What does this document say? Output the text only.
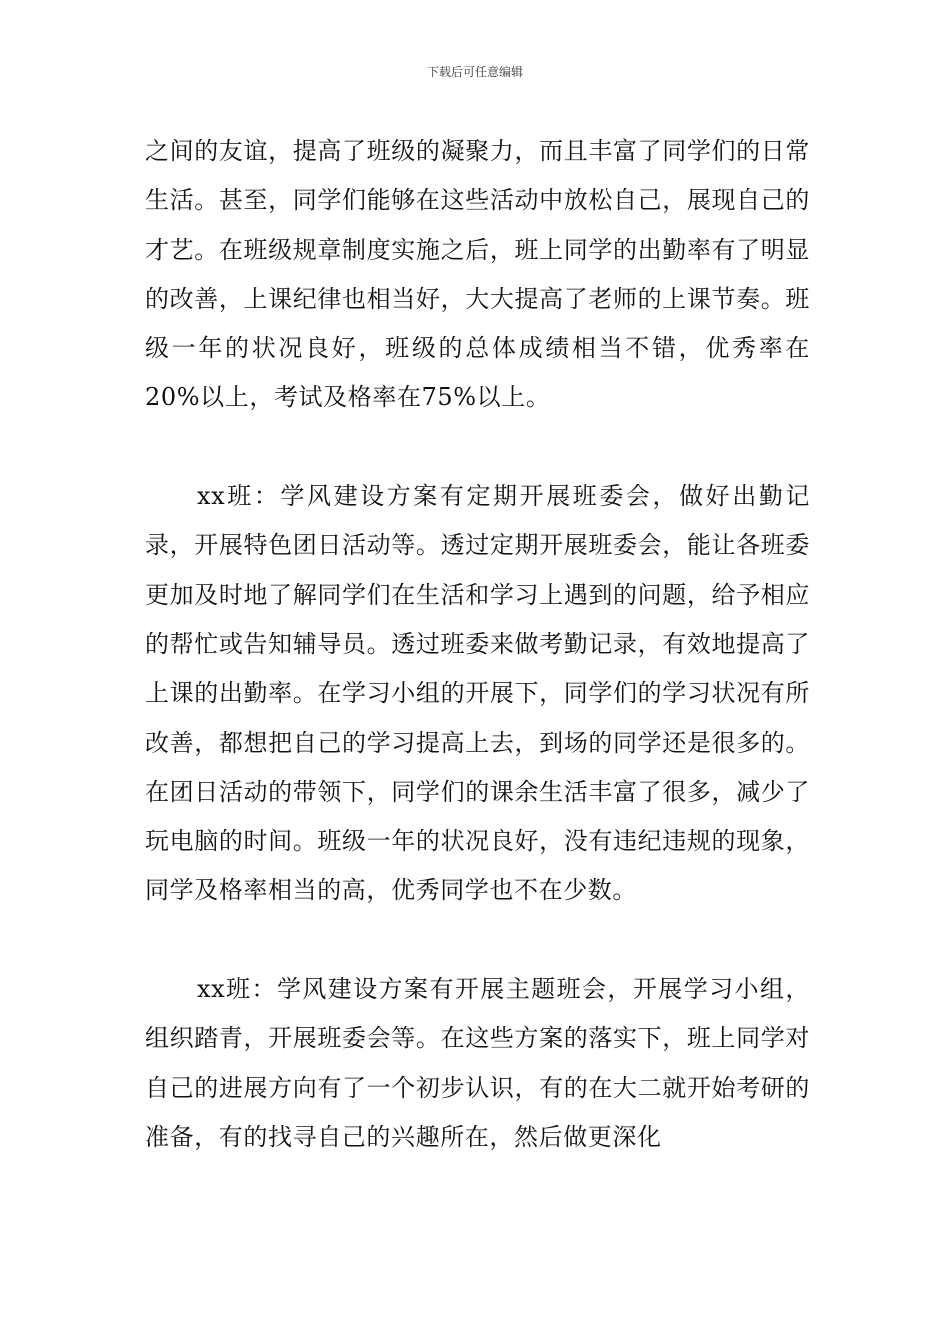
下载后可任意编辑

之间的友谊，提高了班级的凝聚力，而且丰富了同学们的日常生活。甚至，同学们能够在这些活动中放松自己，展现自己的才艺。在班级规章制度实施之后，班上同学的出勤率有了明显的改善，上课纪律也相当好，大大提高了老师的上课节奏。班级一年的状况良好，班级的总体成绩相当不错，优秀率在20%以上，考试及格率在75%以上。

xx班：学风建设方案有定期开展班委会，做好出勤记录，开展特色团日活动等。透过定期开展班委会，能让各班委更加及时地了解同学们在生活和学习上遇到的问题，给予相应的帮忙或告知辅导员。透过班委来做考勤记录，有效地提高了上课的出勤率。在学习小组的开展下，同学们的学习状况有所改善，都想把自己的学习提高上去，到场的同学还是很多的。在团日活动的带领下，同学们的课余生活丰富了很多，减少了玩电脑的时间。班级一年的状况良好，没有违纪违规的现象，同学及格率相当的高，优秀同学也不在少数。

xx班：学风建设方案有开展主题班会，开展学习小组，组织踏青，开展班委会等。在这些方案的落实下，班上同学对自己的进展方向有了一个初步认识，有的在大二就开始考研的准备，有的找寻自己的兴趣所在，然后做更深化
